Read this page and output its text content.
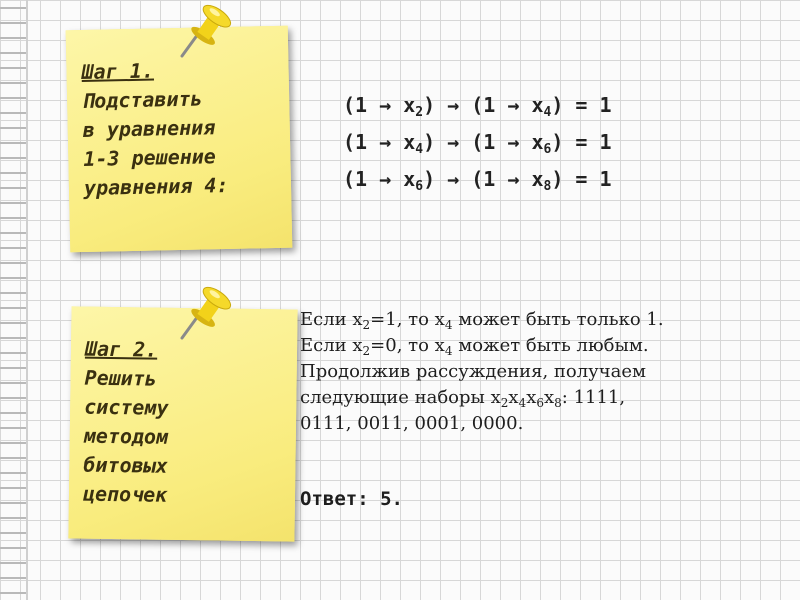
Шаг 1.
Подставить
в уравнения
1-3 решение
уравнения 4:
Шаг 2.
Решить
системy
методом
битовых
цепочек
$(1 \to x_2) \to (1 \to x_4) = 1$
$(1 \to x_4) \to (1 \to x_6) = 1$
$(1 \to x_6) \to (1 \to x_8) = 1$
Если $x_2=1$, то $x_4$ может быть только 1.
Если $x_2=0$, то $x_4$ может быть любым.
Продолжив рассуждения, получаем
следующие наборы $x_2x_4x_6x_8$: 1111,
0111, 0011, 0001, 0000.
Ответ: 5.
